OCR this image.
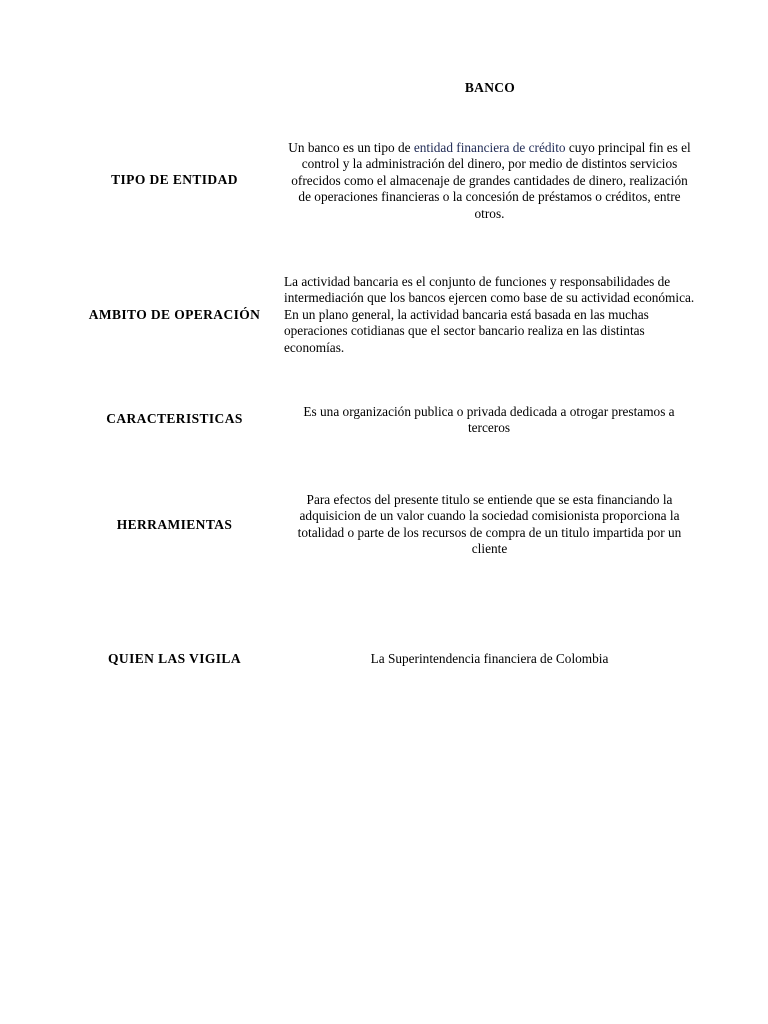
BANCO
TIPO DE ENTIDAD
Un banco es un tipo de entidad financiera de crédito cuyo principal fin es el control y la administración del dinero, por medio de distintos servicios ofrecidos como el almacenaje de grandes cantidades de dinero, realización de operaciones financieras o la concesión de préstamos o créditos, entre otros.
AMBITO DE OPERACIÓN
La actividad bancaria es el conjunto de funciones y responsabilidades de intermediación que los bancos ejercen como base de su actividad económica. En un plano general, la actividad bancaria está basada en las muchas operaciones cotidianas que el sector bancario realiza en las distintas economías.
CARACTERISTICAS	Es una organización publica o privada dedicada a otrogar prestamos a terceros
HERRAMIENTAS
Para efectos del presente titulo se entiende que se esta financiando la adquisicion de un valor cuando la sociedad comisionista proporciona la totalidad o parte de los recursos de compra de un titulo impartida por un cliente
QUIEN LAS VIGILA	La Superintendencia financiera de Colombia
